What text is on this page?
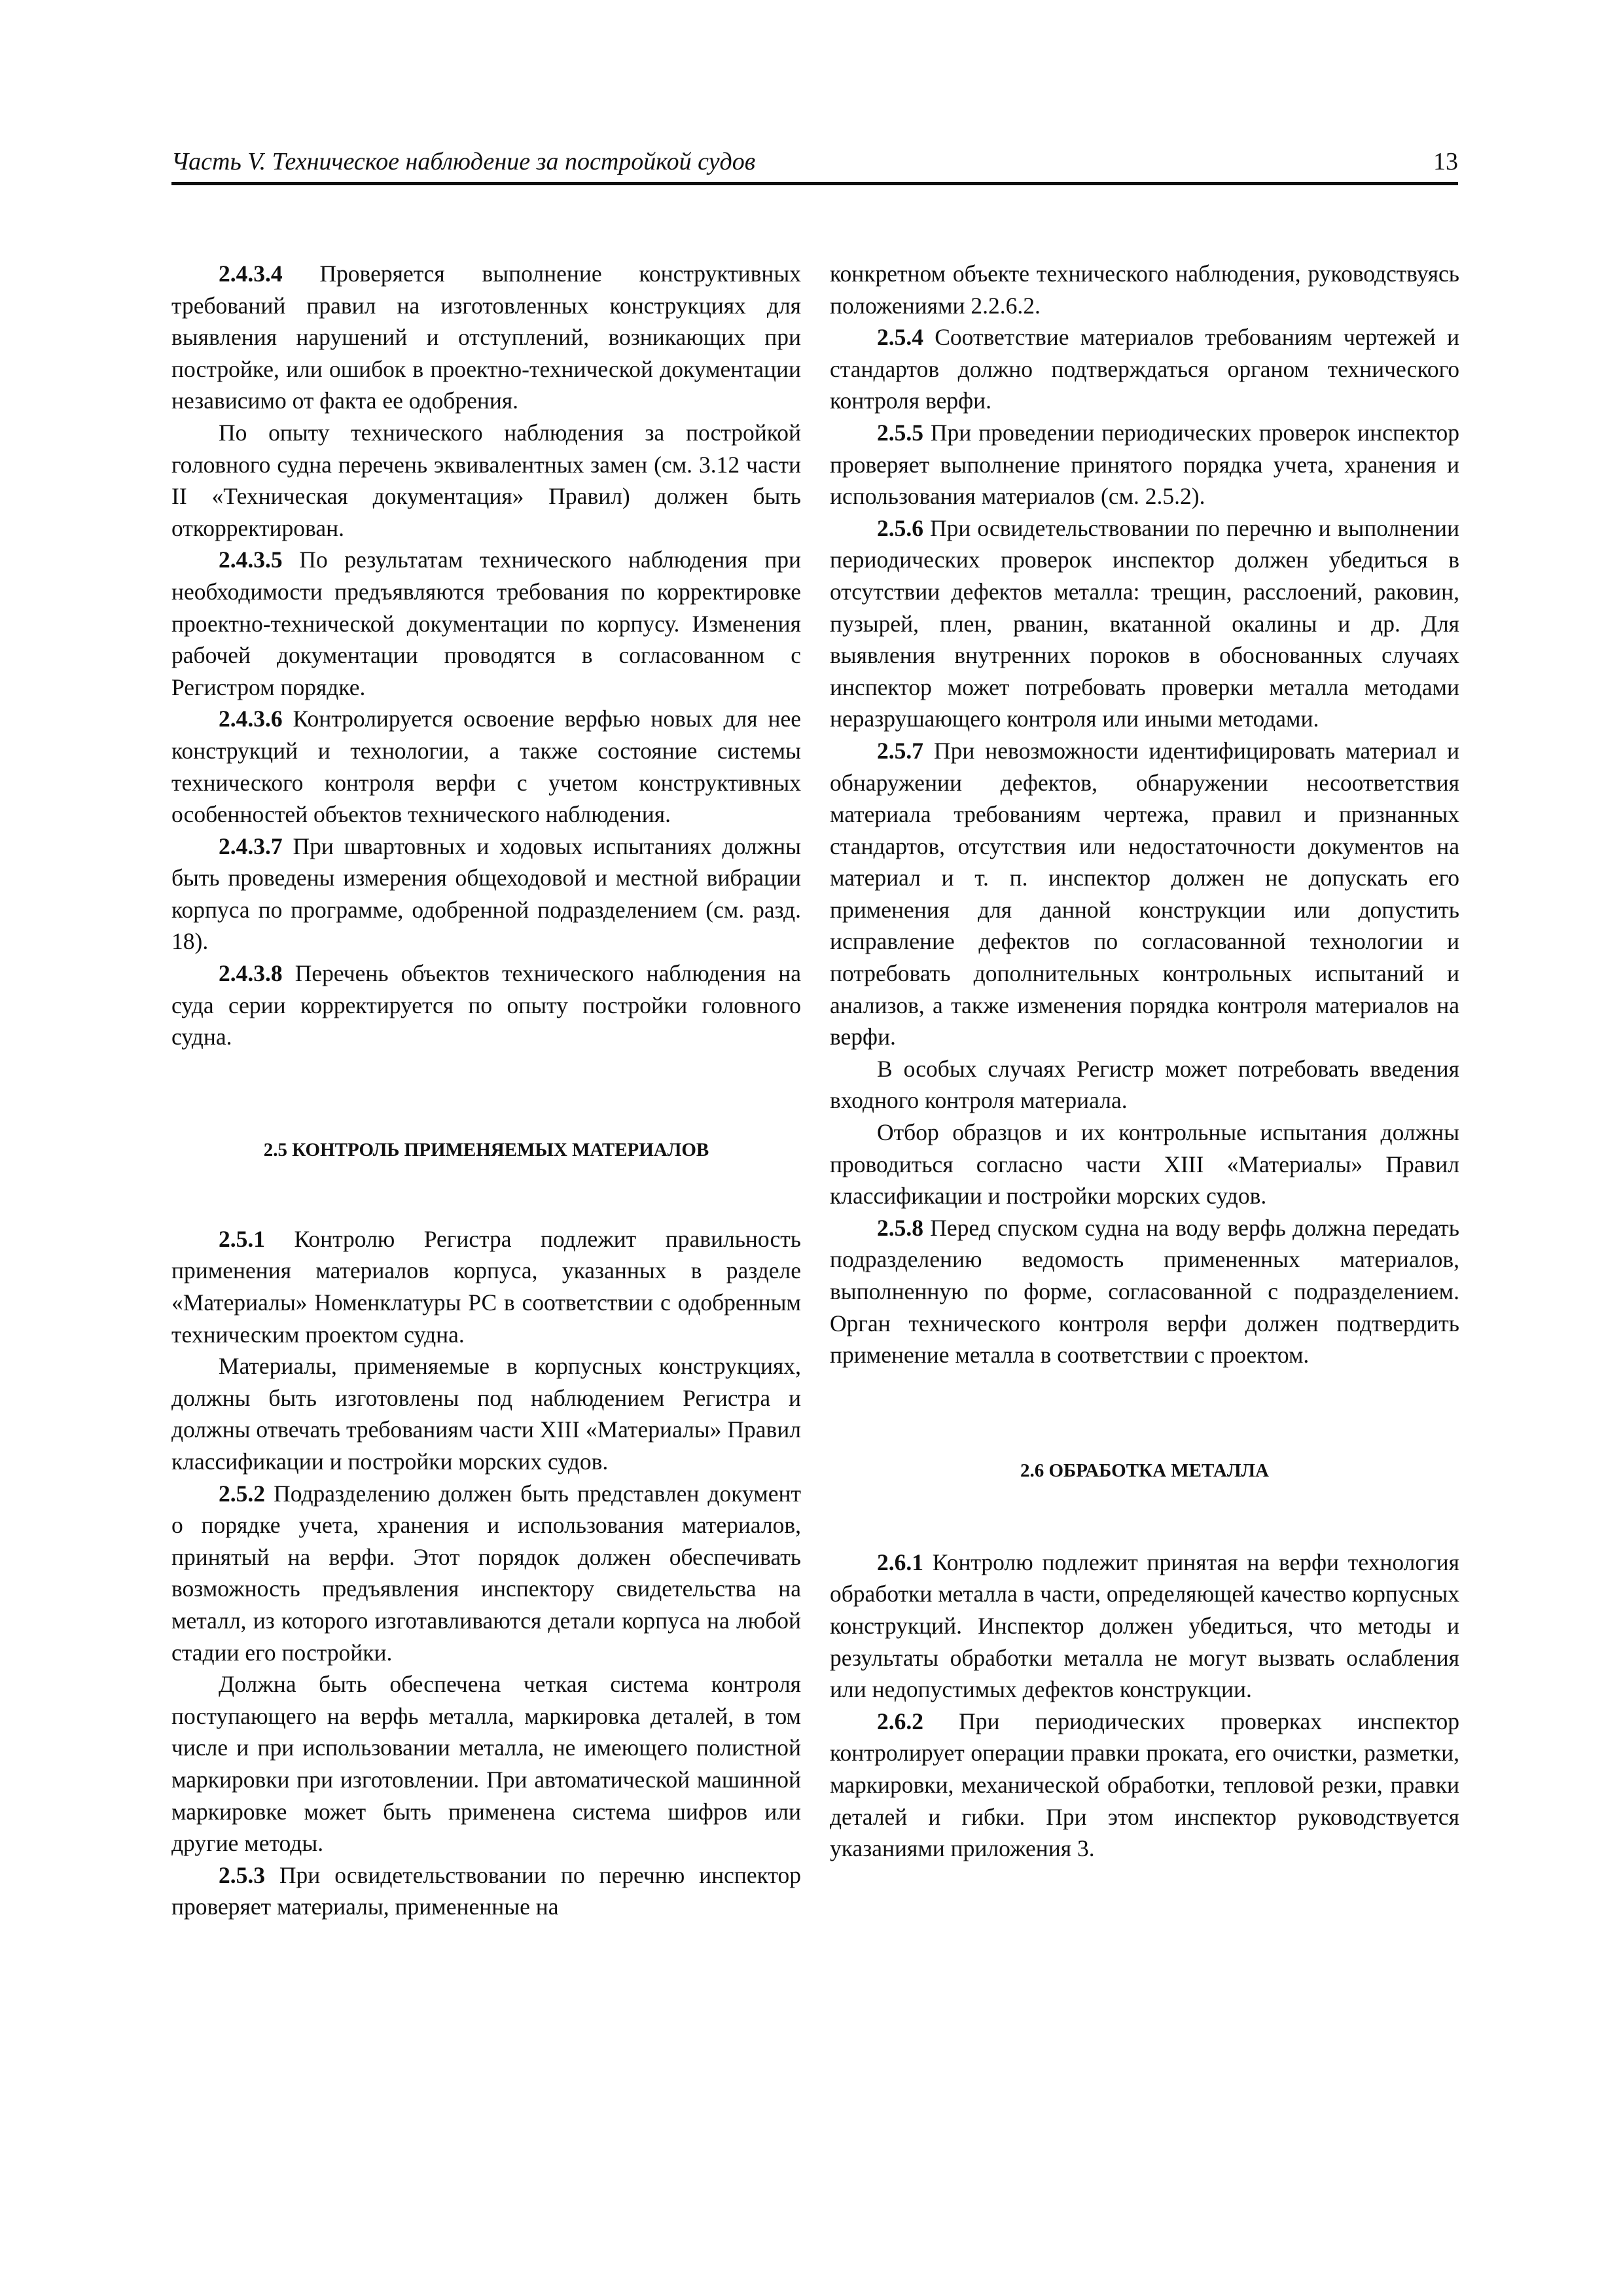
Часть V. Техническое наблюдение за постройкой судов	13

2.4.3.4 Проверяется выполнение конструктивных требований правил на изготовленных конструкциях для выявления нарушений и отступлений, возникающих при постройке, или ошибок в проектно-технической документации независимо от факта ее одобрения.

По опыту технического наблюдения за постройкой головного судна перечень эквивалентных замен (см. 3.12 части II «Техническая документация» Правил) должен быть откорректирован.

2.4.3.5 По результатам технического наблюдения при необходимости предъявляются требования по корректировке проектно-технической документации по корпусу. Изменения рабочей документации проводятся в согласованном с Регистром порядке.

2.4.3.6 Контролируется освоение верфью новых для нее конструкций и технологии, а также состояние системы технического контроля верфи с учетом конструктивных особенностей объектов технического наблюдения.

2.4.3.7 При швартовных и ходовых испытаниях должны быть проведены измерения общеходовой и местной вибрации корпуса по программе, одобренной подразделением (см. разд. 18).

2.4.3.8 Перечень объектов технического наблюдения на суда серии корректируется по опыту постройки головного судна.

2.5 КОНТРОЛЬ ПРИМЕНЯЕМЫХ МАТЕРИАЛОВ

2.5.1 Контролю Регистра подлежит правильность применения материалов корпуса, указанных в разделе «Материалы» Номенклатуры РС в соответствии с одобренным техническим проектом судна.

Материалы, применяемые в корпусных конструкциях, должны быть изготовлены под наблюдением Регистра и должны отвечать требованиям части XIII «Материалы» Правил классификации и постройки морских судов.

2.5.2 Подразделению должен быть представлен документ о порядке учета, хранения и использования материалов, принятый на верфи. Этот порядок должен обеспечивать возможность предъявления инспектору свидетельства на металл, из которого изготавливаются детали корпуса на любой стадии его постройки.

Должна быть обеспечена четкая система контроля поступающего на верфь металла, маркировка деталей, в том числе и при использовании металла, не имеющего полистной маркировки при изготовлении. При автоматической машинной маркировке может быть применена система шифров или другие методы.

2.5.3 При освидетельствовании по перечню инспектор проверяет материалы, примененные на

конкретном объекте технического наблюдения, руководствуясь положениями 2.2.6.2.

2.5.4 Соответствие материалов требованиям чертежей и стандартов должно подтверждаться органом технического контроля верфи.

2.5.5 При проведении периодических проверок инспектор проверяет выполнение принятого порядка учета, хранения и использования материалов (см. 2.5.2).

2.5.6 При освидетельствовании по перечню и выполнении периодических проверок инспектор должен убедиться в отсутствии дефектов металла: трещин, расслоений, раковин, пузырей, плен, рванин, вкатанной окалины и др. Для выявления внутренних пороков в обоснованных случаях инспектор может потребовать проверки металла методами неразрушающего контроля или иными методами.

2.5.7 При невозможности идентифицировать материал и обнаружении дефектов, обнаружении несоответствия материала требованиям чертежа, правил и признанных стандартов, отсутствия или недостаточности документов на материал и т. п. инспектор должен не допускать его применения для данной конструкции или допустить исправление дефектов по согласованной технологии и потребовать дополнительных контрольных испытаний и анализов, а также изменения порядка контроля материалов на верфи.

В особых случаях Регистр может потребовать введения входного контроля материала.

Отбор образцов и их контрольные испытания должны проводиться согласно части XIII «Материалы» Правил классификации и постройки морских судов.

2.5.8 Перед спуском судна на воду верфь должна передать подразделению ведомость примененных материалов, выполненную по форме, согласованной с подразделением. Орган технического контроля верфи должен подтвердить применение металла в соответствии с проектом.

2.6 ОБРАБОТКА МЕТАЛЛА

2.6.1 Контролю подлежит принятая на верфи технология обработки металла в части, определяющей качество корпусных конструкций. Инспектор должен убедиться, что методы и результаты обработки металла не могут вызвать ослабления или недопустимых дефектов конструкции.

2.6.2 При периодических проверках инспектор контролирует операции правки проката, его очистки, разметки, маркировки, механической обработки, тепловой резки, правки деталей и гибки. При этом инспектор руководствуется указаниями приложения 3.
